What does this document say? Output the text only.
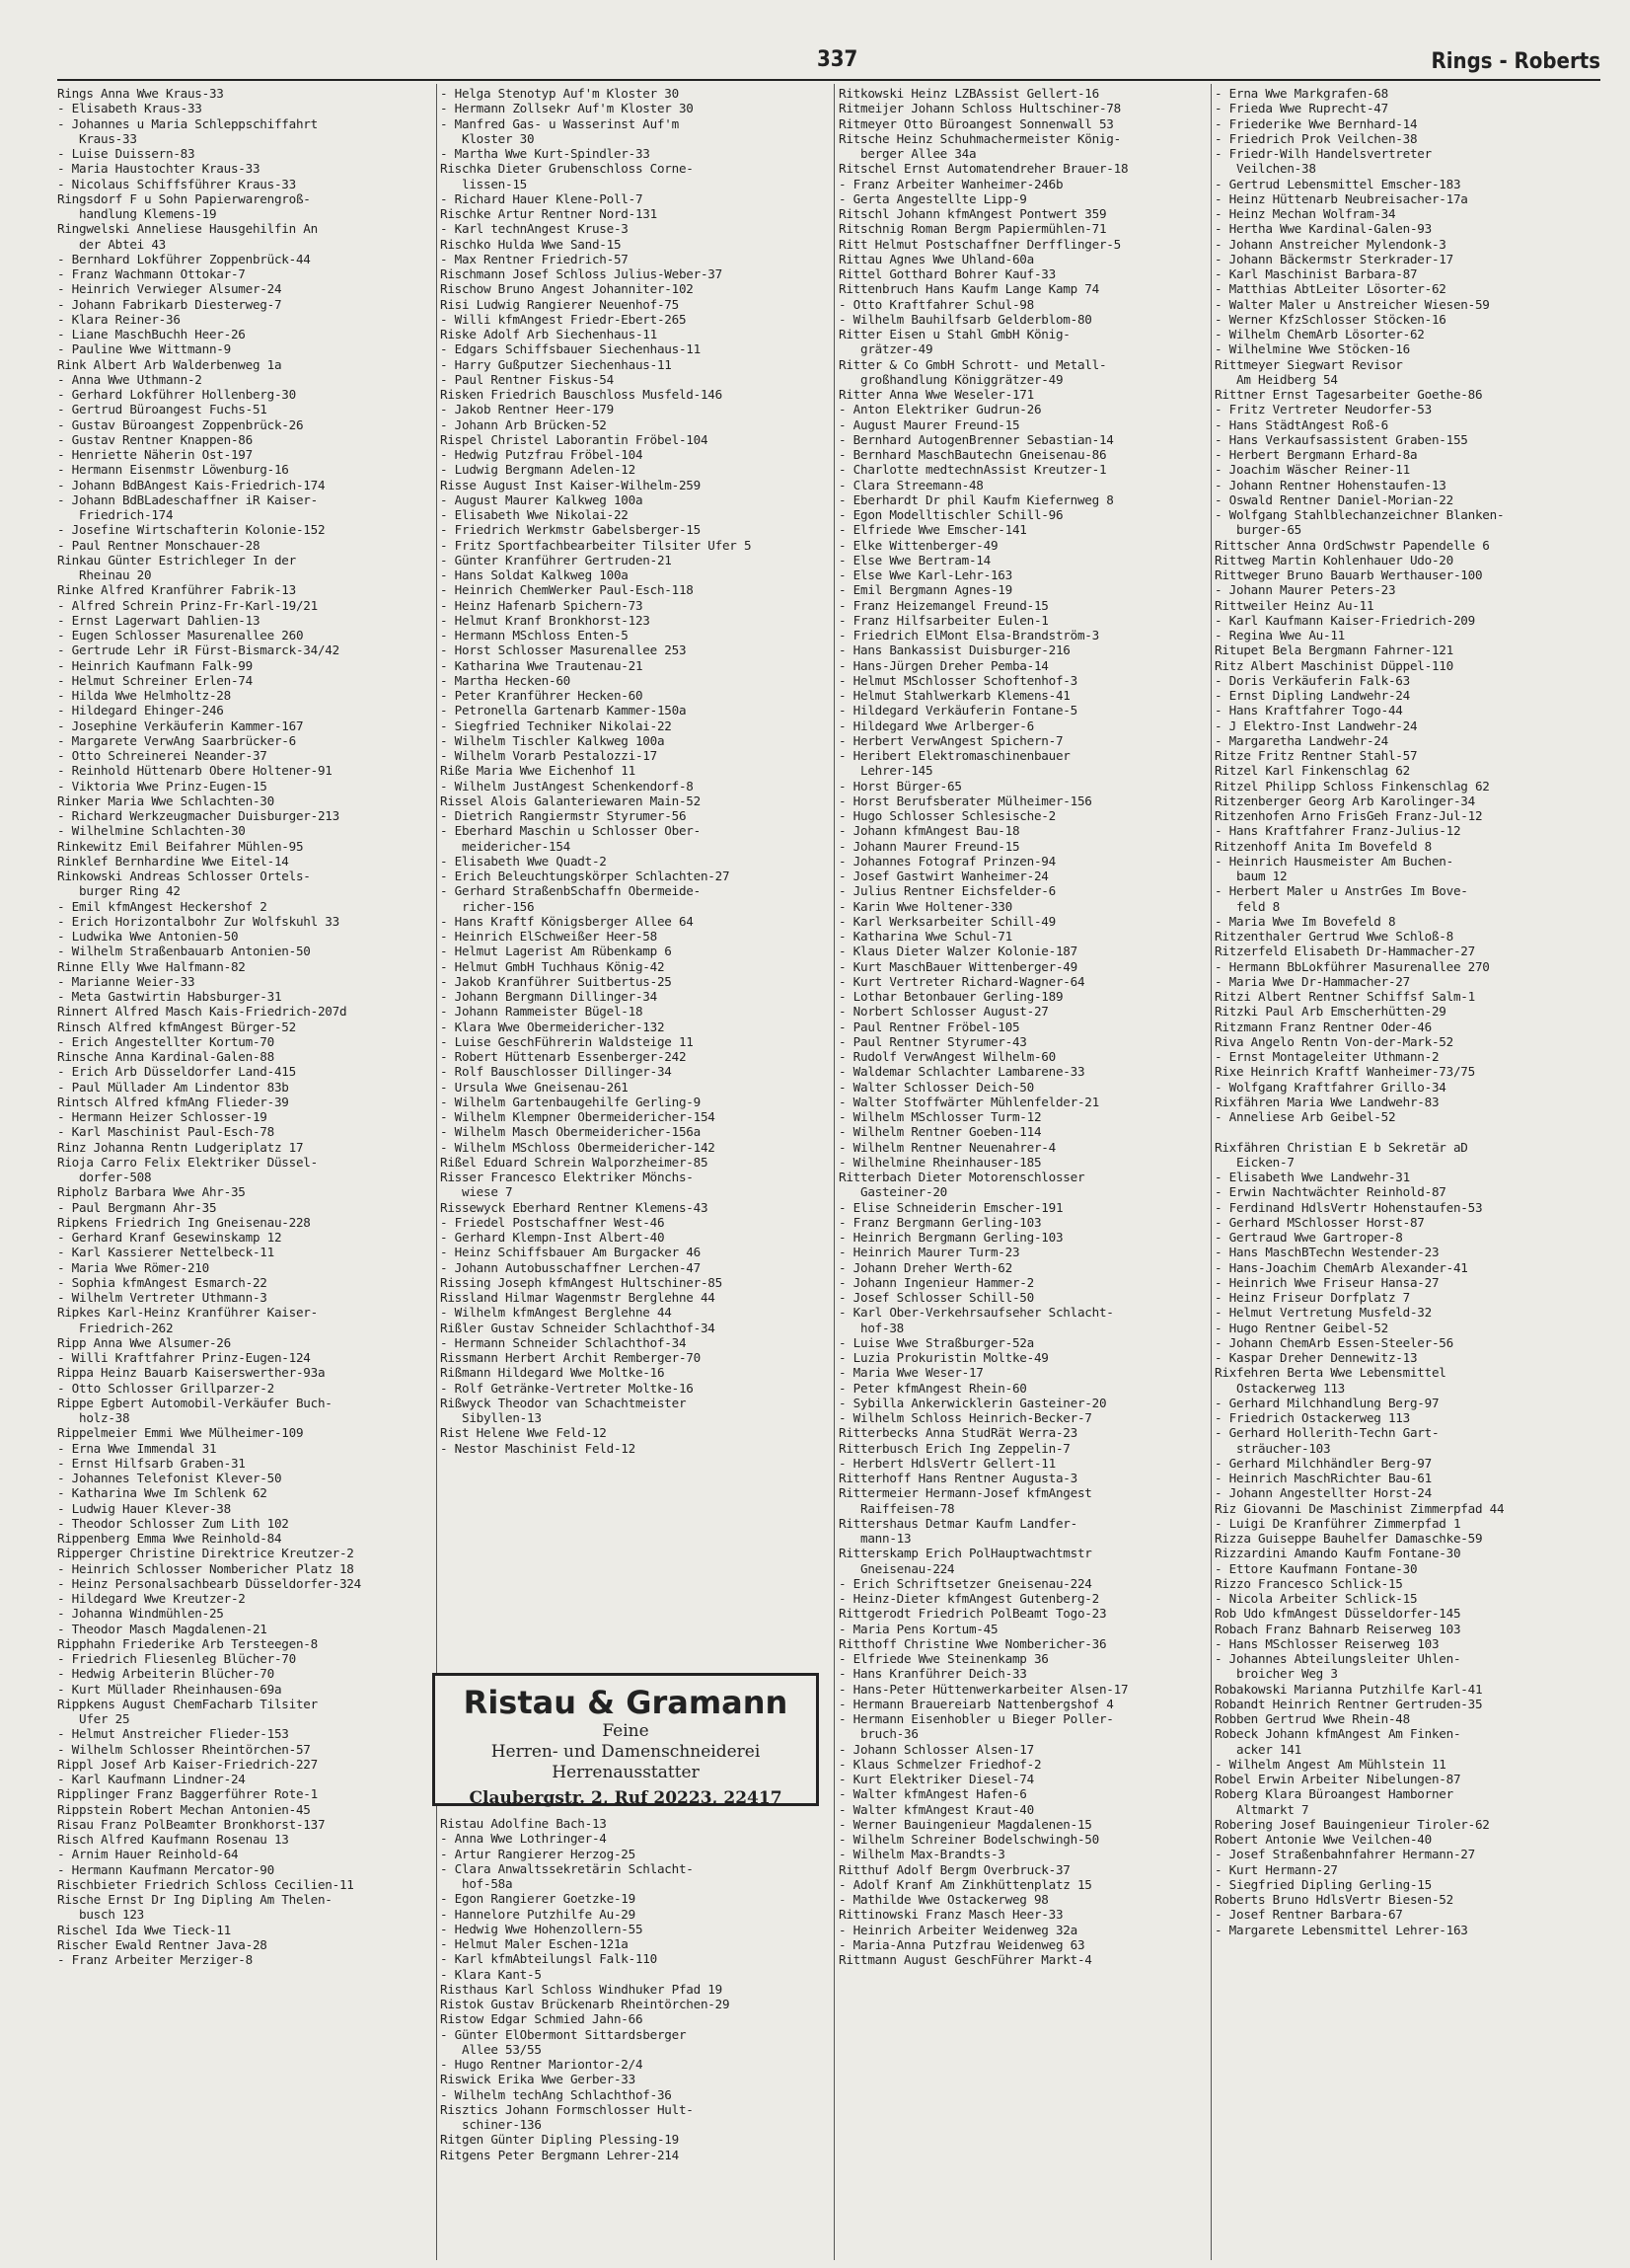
337	Rings - Roberts
Rings Anna Wwe Kraus-33
- Elisabeth Kraus-33
- Johannes u Maria Schleppschiffahrt
Kraus-33
- Luise Duissern-83
- Maria Haustochter Kraus-33
- Nicolaus Schiffsführer Kraus-33
Ringsdorf F u Sohn Papierwarengroß-
handlung Klemens-19
Ringwelski Anneliese Hausgehilfin An
der Abtei 43
- Bernhard Lokführer Zoppenbrück-44
- Franz Wachmann Ottokar-7
- Heinrich Verwieger Alsumer-24
- Johann Fabrikarb Diesterweg-7
- Klara Reiner-36
- Liane MaschBuchh Heer-26
- Pauline Wwe Wittmann-9
Rink Albert Arb Walderbenweg 1a
- Anna Wwe Uthmann-2
- Gerhard Lokführer Hollenberg-30
- Gertrud Büroangest Fuchs-51
- Gustav Büroangest Zoppenbrück-26
- Gustav Rentner Knappen-86
- Henriette Näherin Ost-197
- Hermann Eisenmstr Löwenburg-16
- Johann BdBAngest Kais-Friedrich-174
- Johann BdBLadeschaffner iR Kaiser-
Friedrich-174
- Josefine Wirtschafterin Kolonie-152
- Paul Rentner Monschauer-28
Rinkau Günter Estrichleger In der
Rheinau 20
Rinke Alfred Kranführer Fabrik-13
- Alfred Schrein Prinz-Fr-Karl-19/21
- Ernst Lagerwart Dahlien-13
- Eugen Schlosser Masurenallee 260
- Gertrude Lehr iR Fürst-Bismarck-34/42
- Heinrich Kaufmann Falk-99
- Helmut Schreiner Erlen-74
- Hilda Wwe Helmholtz-28
- Hildegard Ehinger-246
- Josephine Verkäuferin Kammer-167
- Margarete VerwAng Saarbrücker-6
- Otto Schreinerei Neander-37
- Reinhold Hüttenarb Obere Holtener-91
- Viktoria Wwe Prinz-Eugen-15
Rinker Maria Wwe Schlachten-30
- Richard Werkzeugmacher Duisburger-213
- Wilhelmine Schlachten-30
Rinkewitz Emil Beifahrer Mühlen-95
Rinklef Bernhardine Wwe Eitel-14
Rinkowski Andreas Schlosser Ortels-
burger Ring 42
- Emil kfmAngest Heckershof 2
- Erich Horizontalbohr Zur Wolfskuhl 33
- Ludwika Wwe Antonien-50
- Wilhelm Straßenbauarb Antonien-50
Rinne Elly Wwe Halfmann-82
- Marianne Weier-33
- Meta Gastwirtin Habsburger-31
Rinnert Alfred Masch Kais-Friedrich-207d
Rinsch Alfred kfmAngest Bürger-52
- Erich Angestellter Kortum-70
Rinsche Anna Kardinal-Galen-88
- Erich Arb Düsseldorfer Land-415
- Paul Müllader Am Lindentor 83b
Rintsch Alfred kfmAng Flieder-39
- Hermann Heizer Schlosser-19
- Karl Maschinist Paul-Esch-78
Rinz Johanna Rentn Ludgeriplatz 17
Rioja Carro Felix Elektriker Düssel-
dorfer-508
Ripholz Barbara Wwe Ahr-35
- Paul Bergmann Ahr-35
Ripkens Friedrich Ing Gneisenau-228
- Gerhard Kranf Gesewinskamp 12
- Karl Kassierer Nettelbeck-11
- Maria Wwe Römer-210
- Sophia kfmAngest Esmarch-22
- Wilhelm Vertreter Uthmann-3
Ripkes Karl-Heinz Kranführer Kaiser-
Friedrich-262
Ripp Anna Wwe Alsumer-26
- Willi Kraftfahrer Prinz-Eugen-124
Rippa Heinz Bauarb Kaiserswerther-93a
- Otto Schlosser Grillparzer-2
Rippe Egbert Automobil-Verkäufer Buch-
holz-38
Rippelmeier Emmi Wwe Mülheimer-109
- Erna Wwe Immendal 31
- Ernst Hilfsarb Graben-31
- Johannes Telefonist Klever-50
- Katharina Wwe Im Schlenk 62
- Ludwig Hauer Klever-38
- Theodor Schlosser Zum Lith 102
Rippenberg Emma Wwe Reinhold-84
Ripperger Christine Direktrice Kreutzer-2
- Heinrich Schlosser Nombericher Platz 18
- Heinz Personalsachbearb Düsseldorfer-324
- Hildegard Wwe Kreutzer-2
- Johanna Windmühlen-25
- Theodor Masch Magdalenen-21
Ripphahn Friederike Arb Tersteegen-8
- Friedrich Fliesenleg Blücher-70
- Hedwig Arbeiterin Blücher-70
- Kurt Müllader Rheinhausen-69a
Rippkens August ChemFacharb Tilsiter
Ufer 25
- Helmut Anstreicher Flieder-153
- Wilhelm Schlosser Rheintörchen-57
Rippl Josef Arb Kaiser-Friedrich-227
- Karl Kaufmann Lindner-24
Ripplinger Franz Baggerführer Rote-1
Rippstein Robert Mechan Antonien-45
Risau Franz PolBeamter Bronkhorst-137
Risch Alfred Kaufmann Rosenau 13
- Arnim Hauer Reinhold-64
- Hermann Kaufmann Mercator-90
Rischbieter Friedrich Schloss Cecilien-11
Rische Ernst Dr Ing Dipling Am Thelen-
busch 123
Rischel Ida Wwe Tieck-11
Rischer Ewald Rentner Java-28
- Franz Arbeiter Merziger-8
- Helga Stenotyp Auf'm Kloster 30
- Hermann Zollsekr Auf'm Kloster 30
- Manfred Gas- u Wasserinst Auf'm
Kloster 30
- Martha Wwe Kurt-Spindler-33
Rischka Dieter Grubenschloss Corne-
lissen-15
- Richard Hauer Klene-Poll-7
Rischke Artur Rentner Nord-131
- Karl technAngest Kruse-3
Rischko Hulda Wwe Sand-15
- Max Rentner Friedrich-57
Rischmann Josef Schloss Julius-Weber-37
Rischow Bruno Angest Johanniter-102
Risi Ludwig Rangierer Neuenhof-75
- Willi kfmAngest Friedr-Ebert-265
Riske Adolf Arb Siechenhaus-11
- Edgars Schiffsbauer Siechenhaus-11
- Harry Gußputzer Siechenhaus-11
- Paul Rentner Fiskus-54
Risken Friedrich Bauschloss Musfeld-146
- Jakob Rentner Heer-179
- Johann Arb Brücken-52
Rispel Christel Laborantin Fröbel-104
- Hedwig Putzfrau Fröbel-104
- Ludwig Bergmann Adelen-12
Risse August Inst Kaiser-Wilhelm-259
- August Maurer Kalkweg 100a
- Elisabeth Wwe Nikolai-22
- Friedrich Werkmstr Gabelsberger-15
- Fritz Sportfachbearbeiter Tilsiter Ufer 5
- Günter Kranführer Gertruden-21
- Hans Soldat Kalkweg 100a
- Heinrich ChemWerker Paul-Esch-118
- Heinz Hafenarb Spichern-73
- Helmut Kranf Bronkhorst-123
- Hermann MSchloss Enten-5
- Horst Schlosser Masurenallee 253
- Katharina Wwe Trautenau-21
- Martha Hecken-60
- Peter Kranführer Hecken-60
- Petronella Gartenarb Kammer-150a
- Siegfried Techniker Nikolai-22
- Wilhelm Tischler Kalkweg 100a
- Wilhelm Vorarb Pestalozzi-17
Riße Maria Wwe Eichenhof 11
- Wilhelm JustAngest Schenkendorf-8
Rissel Alois Galanteriewaren Main-52
- Dietrich Rangiermstr Styrumer-56
- Eberhard Maschin u Schlosser Ober-
meidericher-154
- Elisabeth Wwe Quadt-2
- Erich Beleuchtungskörper Schlachten-27
- Gerhard StraßenbSchaffn Obermeide-
richer-156
- Hans Kraftf Königsberger Allee 64
- Heinrich ElSchweißer Heer-58
- Helmut Lagerist Am Rübenkamp 6
- Helmut GmbH Tuchhaus König-42
- Jakob Kranführer Suitbertus-25
- Johann Bergmann Dillinger-34
- Johann Rammeister Bügel-18
- Klara Wwe Obermeidericher-132
- Luise GeschFührerin Waldsteige 11
- Robert Hüttenarb Essenberger-242
- Rolf Bauschlosser Dillinger-34
- Ursula Wwe Gneisenau-261
- Wilhelm Gartenbaugehilfe Gerling-9
- Wilhelm Klempner Obermeidericher-154
- Wilhelm Masch Obermeidericher-156a
- Wilhelm MSchloss Obermeidericher-142
Rißel Eduard Schrein Walporzheimer-85
Risser Francesco Elektriker Mönchs-
wiese 7
Rissewyck Eberhard Rentner Klemens-43
- Friedel Postschaffner West-46
- Gerhard Klempn-Inst Albert-40
- Heinz Schiffsbauer Am Burgacker 46
- Johann Autobusschaffner Lerchen-47
Rissing Joseph kfmAngest Hultschiner-85
Rissland Hilmar Wagenmstr Berglehne 44
- Wilhelm kfmAngest Berglehne 44
Rißler Gustav Schneider Schlachthof-34
- Hermann Schneider Schlachthof-34
Rissmann Herbert Archit Remberger-70
Rißmann Hildegard Wwe Moltke-16
- Rolf Getränke-Vertreter Moltke-16
Rißwyck Theodor van Schachtmeister
Sibyllen-13
Rist Helene Wwe Feld-12
- Nestor Maschinist Feld-12
Ristau Adolfine Bach-13
- Anna Wwe Lothringer-4
- Artur Rangierer Herzog-25
- Clara Anwaltssekretärin Schlacht-
hof-58a
- Egon Rangierer Goetzke-19
- Hannelore Putzhilfe Au-29
- Hedwig Wwe Hohenzollern-55
- Helmut Maler Eschen-121a
- Karl kfmAbteilungsl Falk-110
- Klara Kant-5
Risthaus Karl Schloss Windhuker Pfad 19
Ristok Gustav Brückenarb Rheintörchen-29
Ristow Edgar Schmied Jahn-66
- Günter ElObermont Sittardsberger
Allee 53/55
- Hugo Rentner Mariontor-2/4
Riswick Erika Wwe Gerber-33
- Wilhelm techAng Schlachthof-36
Risztics Johann Formschlosser Hult-
schiner-136
Ritgen Günter Dipling Plessing-19
Ritgens Peter Bergmann Lehrer-214
Ritkowski Heinz LZBAssist Gellert-16
Ritmeijer Johann Schloss Hultschiner-78
Ritmeyer Otto Büroangest Sonnenwall 53
Ritsche Heinz Schuhmachermeister König-
berger Allee 34a
Ritschel Ernst Automatendreher Brauer-18
- Franz Arbeiter Wanheimer-246b
- Gerta Angestellte Lipp-9
Ritschl Johann kfmAngest Pontwert 359
Ritschnig Roman Bergm Papiermühlen-71
Ritt Helmut Postschaffner Derfflinger-5
Rittau Agnes Wwe Uhland-60a
Rittel Gotthard Bohrer Kauf-33
Rittenbruch Hans Kaufm Lange Kamp 74
- Otto Kraftfahrer Schul-98
- Wilhelm Bauhilfsarb Gelderblom-80
Ritter Eisen u Stahl GmbH König-
grätzer-49
Ritter & Co GmbH Schrott- und Metall-
großhandlung Königgrätzer-49
Ritter Anna Wwe Weseler-171
- Anton Elektriker Gudrun-26
- August Maurer Freund-15
- Bernhard AutogenBrenner Sebastian-14
- Bernhard MaschBautechn Gneisenau-86
- Charlotte medtechnAssist Kreutzer-1
- Clara Streemann-48
- Eberhardt Dr phil Kaufm Kiefernweg 8
- Egon Modelltischler Schill-96
- Elfriede Wwe Emscher-141
- Elke Wittenberger-49
- Else Wwe Bertram-14
- Else Wwe Karl-Lehr-163
- Emil Bergmann Agnes-19
- Franz Heizemangel Freund-15
- Franz Hilfsarbeiter Eulen-1
- Friedrich ElMont Elsa-Brandström-3
- Hans Bankassist Duisburger-216
- Hans-Jürgen Dreher Pemba-14
- Helmut MSchlosser Schoftenhof-3
- Helmut Stahlwerkarb Klemens-41
- Hildegard Verkäuferin Fontane-5
- Hildegard Wwe Arlberger-6
- Herbert VerwAngest Spichern-7
- Heribert Elektromaschinenbauer
Lehrer-145
- Horst Bürger-65
- Horst Berufsberater Mülheimer-156
- Hugo Schlosser Schlesische-2
- Johann kfmAngest Bau-18
- Johann Maurer Freund-15
- Johannes Fotograf Prinzen-94
- Josef Gastwirt Wanheimer-24
- Julius Rentner Eichsfelder-6
- Karin Wwe Holtener-330
- Karl Werksarbeiter Schill-49
- Katharina Wwe Schul-71
- Klaus Dieter Walzer Kolonie-187
- Kurt MaschBauer Wittenberger-49
- Kurt Vertreter Richard-Wagner-64
- Lothar Betonbauer Gerling-189
- Norbert Schlosser August-27
- Paul Rentner Fröbel-105
- Paul Rentner Styrumer-43
- Rudolf VerwAngest Wilhelm-60
- Waldemar Schlachter Lambarene-33
- Walter Schlosser Deich-50
- Walter Stoffwärter Mühlenfelder-21
- Wilhelm MSchlosser Turm-12
- Wilhelm Rentner Goeben-114
- Wilhelm Rentner Neuenahrer-4
- Wilhelmine Rheinhauser-185
Ritterbach Dieter Motorenschlosser
Gasteiner-20
- Elise Schneiderin Emscher-191
- Franz Bergmann Gerling-103
- Heinrich Bergmann Gerling-103
- Heinrich Maurer Turm-23
- Johann Dreher Werth-62
- Johann Ingenieur Hammer-2
- Josef Schlosser Schill-50
- Karl Ober-Verkehrsaufseher Schlacht-
hof-38
- Luise Wwe Straßburger-52a
- Luzia Prokuristin Moltke-49
- Maria Wwe Weser-17
- Peter kfmAngest Rhein-60
- Sybilla Ankerwicklerin Gasteiner-20
- Wilhelm Schloss Heinrich-Becker-7
Ritterbecks Anna StudRät Werra-23
Ritterbusch Erich Ing Zeppelin-7
- Herbert HdlsVertr Gellert-11
Ritterhoff Hans Rentner Augusta-3
Rittermeier Hermann-Josef kfmAngest
Raiffeisen-78
Rittershaus Detmar Kaufm Landfer-
mann-13
Ritterskamp Erich PolHauptwachtmstr
Gneisenau-224
- Erich Schriftsetzer Gneisenau-224
- Heinz-Dieter kfmAngest Gutenberg-2
Rittgerodt Friedrich PolBeamt Togo-23
- Maria Pens Kortum-45
Ritthoff Christine Wwe Nombericher-36
- Elfriede Wwe Steinenkamp 36
- Hans Kranführer Deich-33
- Hans-Peter Hüttenwerkarbeiter Alsen-17
- Hermann Brauereiarb Nattenbergshof 4
- Hermann Eisenhobler u Bieger Poller-
bruch-36
- Johann Schlosser Alsen-17
- Klaus Schmelzer Friedhof-2
- Kurt Elektriker Diesel-74
- Walter kfmAngest Hafen-6
- Walter kfmAngest Kraut-40
- Werner Bauingenieur Magdalenen-15
- Wilhelm Schreiner Bodelschwingh-50
- Wilhelm Max-Brandts-3
Ritthuf Adolf Bergm Overbruck-37
- Adolf Kranf Am Zinkhüttenplatz 15
- Mathilde Wwe Ostackerweg 98
Rittinowski Franz Masch Heer-33
- Heinrich Arbeiter Weidenweg 32a
- Maria-Anna Putzfrau Weidenweg 63
Rittmann August GeschFührer Markt-4
- Erna Wwe Markgrafen-68
- Frieda Wwe Ruprecht-47
- Friederike Wwe Bernhard-14
- Friedrich Prok Veilchen-38
- Friedr-Wilh Handelsvertreter
Veilchen-38
- Gertrud Lebensmittel Emscher-183
- Heinz Hüttenarb Neubreisacher-17a
- Heinz Mechan Wolfram-34
- Hertha Wwe Kardinal-Galen-93
- Johann Anstreicher Mylendonk-3
- Johann Bäckermstr Sterkrader-17
- Karl Maschinist Barbara-87
- Matthias AbtLeiter Lösorter-62
- Walter Maler u Anstreicher Wiesen-59
- Werner KfzSchlosser Stöcken-16
- Wilhelm ChemArb Lösorter-62
- Wilhelmine Wwe Stöcken-16
Rittmeyer Siegwart Revisor
Am Heidberg 54
Rittner Ernst Tagesarbeiter Goethe-86
- Fritz Vertreter Neudorfer-53
- Hans StädtAngest Roß-6
- Hans Verkaufsassistent Graben-155
- Herbert Bergmann Erhard-8a
- Joachim Wäscher Reiner-11
- Johann Rentner Hohenstaufen-13
- Oswald Rentner Daniel-Morian-22
- Wolfgang Stahlblechanzeichner Blanken-
burger-65
Rittscher Anna OrdSchwstr Papendelle 6
Rittweg Martin Kohlenhauer Udo-20
Rittweger Bruno Bauarb Werthauser-100
- Johann Maurer Peters-23
Rittweiler Heinz Au-11
- Karl Kaufmann Kaiser-Friedrich-209
- Regina Wwe Au-11
Ritupet Bela Bergmann Fahrner-121
Ritz Albert Maschinist Düppel-110
- Doris Verkäuferin Falk-63
- Ernst Dipling Landwehr-24
- Hans Kraftfahrer Togo-44
- J Elektro-Inst Landwehr-24
- Margaretha Landwehr-24
Ritze Fritz Rentner Stahl-57
Ritzel Karl Finkenschlag 62
Ritzel Philipp Schloss Finkenschlag 62
Ritzenberger Georg Arb Karolinger-34
Ritzenhofen Arno FrisGeh Franz-Jul-12
- Hans Kraftfahrer Franz-Julius-12
Ritzenhoff Anita Im Bovefeld 8
- Heinrich Hausmeister Am Buchen-
baum 12
- Herbert Maler u AnstrGes Im Bove-
feld 8
- Maria Wwe Im Bovefeld 8
Ritzenthaler Gertrud Wwe Schloß-8
Ritzerfeld Elisabeth Dr-Hammacher-27
- Hermann BbLokführer Masurenallee 270
- Maria Wwe Dr-Hammacher-27
Ritzi Albert Rentner Schiffsf Salm-1
Ritzki Paul Arb Emscherhütten-29
Ritzmann Franz Rentner Oder-46
Riva Angelo Rentn Von-der-Mark-52
- Ernst Montageleiter Uthmann-2
Rixe Heinrich Kraftf Wanheimer-73/75
- Wolfgang Kraftfahrer Grillo-34
Rixfähren Maria Wwe Landwehr-83
- Anneliese Arb Geibel-52

Rixfähren Christian E b Sekretär aD
Eicken-7
- Elisabeth Wwe Landwehr-31
- Erwin Nachtwächter Reinhold-87
- Ferdinand HdlsVertr Hohenstaufen-53
- Gerhard MSchlosser Horst-87
- Gertraud Wwe Gartroper-8
- Hans MaschBTechn Westender-23
- Hans-Joachim ChemArb Alexander-41
- Heinrich Wwe Friseur Hansa-27
- Heinz Friseur Dorfplatz 7
- Helmut Vertretung Musfeld-32
- Hugo Rentner Geibel-52
- Johann ChemArb Essen-Steeler-56
- Kaspar Dreher Dennewitz-13
Rixfehren Berta Wwe Lebensmittel
Ostackerweg 113
- Gerhard Milchhandlung Berg-97
- Friedrich Ostackerweg 113
- Gerhard Hollerith-Techn Gart-
sträucher-103
- Gerhard Milchhändler Berg-97
- Heinrich MaschRichter Bau-61
- Johann Angestellter Horst-24
Riz Giovanni De Maschinist Zimmerpfad 44
- Luigi De Kranführer Zimmerpfad 1
Rizza Guiseppe Bauhelfer Damaschke-59
Rizzardini Amando Kaufm Fontane-30
- Ettore Kaufmann Fontane-30
Rizzo Francesco Schlick-15
- Nicola Arbeiter Schlick-15
Rob Udo kfmAngest Düsseldorfer-145
Robach Franz Bahnarb Reiserweg 103
- Hans MSchlosser Reiserweg 103
- Johannes Abteilungsleiter Uhlen-
broicher Weg 3
Robakowski Marianna Putzhilfe Karl-41
Robandt Heinrich Rentner Gertruden-35
Robben Gertrud Wwe Rhein-48
Robeck Johann kfmAngest Am Finken-
acker 141
- Wilhelm Angest Am Mühlstein 11
Robel Erwin Arbeiter Nibelungen-87
Roberg Klara Büroangest Hamborner
Altmarkt 7
Robering Josef Bauingenieur Tiroler-62
Robert Antonie Wwe Veilchen-40
- Josef Straßenbahnfahrer Hermann-27
- Kurt Hermann-27
- Siegfried Dipling Gerling-15
Roberts Bruno HdlsVertr Biesen-52
- Josef Rentner Barbara-67
- Margarete Lebensmittel Lehrer-163
Ristau & Gramann
Feine
Herren- und Damenschneiderei
Herrenausstatter
Claubergstr. 2, Ruf 20223, 22417
